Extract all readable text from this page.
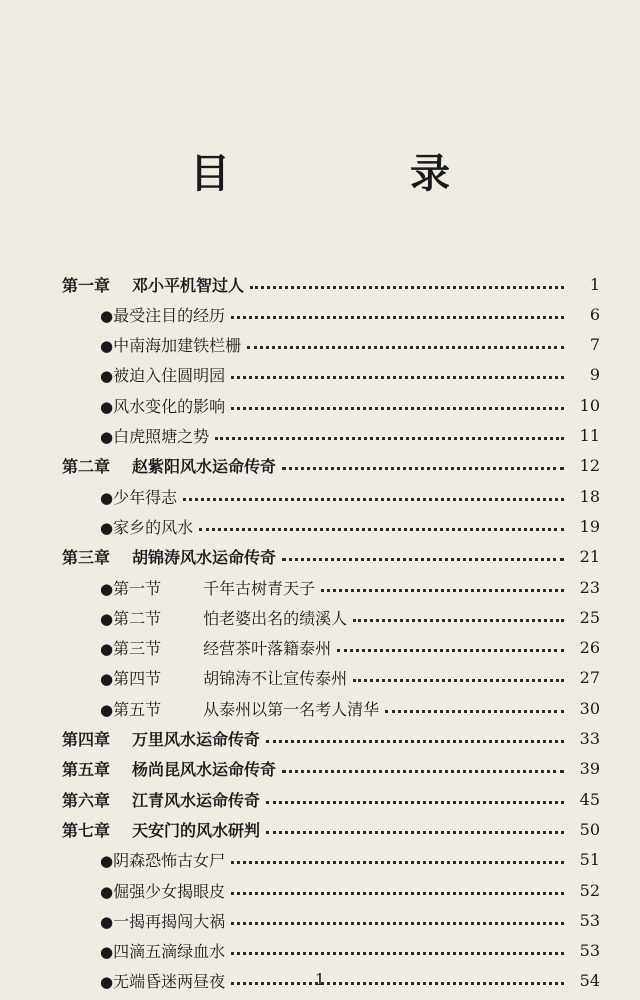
目　录
第一章 邓小平机智过人	1
●最受注目的经历	6
●中南海加建铁栏栅	7
●被迫入住圆明园	9
●风水变化的影响	10
●白虎照塘之势	11
第二章 赵紫阳风水运命传奇	12
●少年得志	18
●家乡的风水	19
第三章 胡锦涛风水运命传奇	21
●第一节	千年古树青天子	23
●第二节	怕老婆出名的绩溪人	25
●第三节	经营茶叶落籍泰州	26
●第四节	胡锦涛不让宣传泰州	27
●第五节	从泰州以第一名考人清华	30
第四章 万里风水运命传奇	33
第五章 杨尚昆风水运命传奇	39
第六章 江青风水运命传奇	45
第七章 天安门的风水研判	50
●阴森恐怖古女尸	51
●倔强少女揭眼皮	52
●一揭再揭闯大祸	53
●四滴五滴绿血水	53
●无端昏迷两昼夜	54
1
